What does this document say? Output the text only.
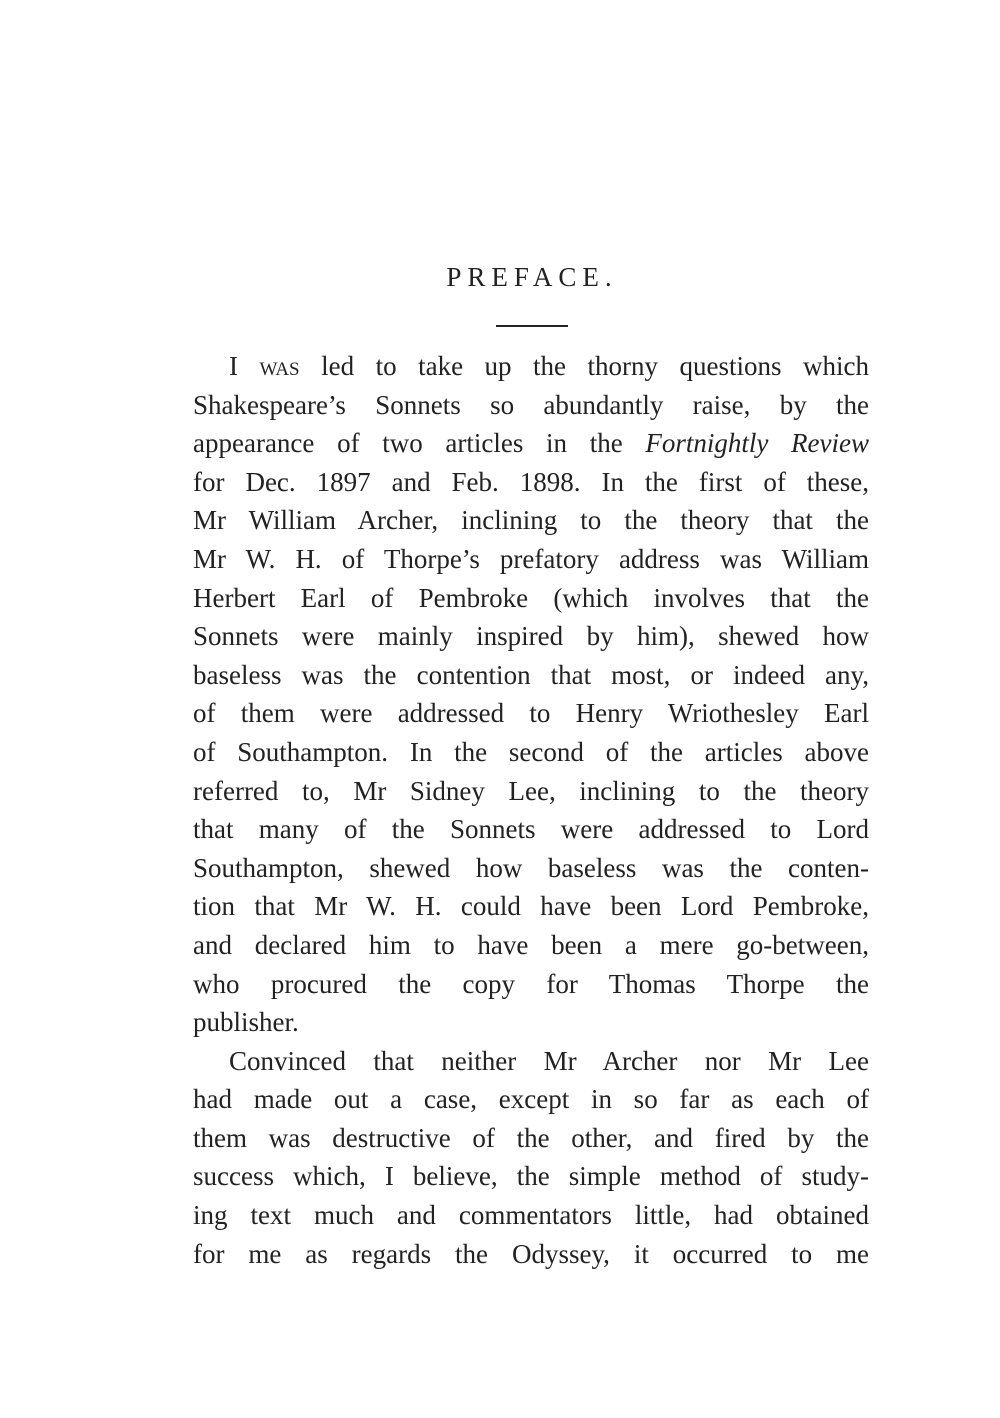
PREFACE.
I was led to take up the thorny questions which
Shakespeare’s Sonnets so abundantly raise, by the
appearance of two articles in the Fortnightly Review
for Dec. 1897 and Feb. 1898. In the first of these,
Mr William Archer, inclining to the theory that the
Mr W. H. of Thorpe’s prefatory address was William
Herbert Earl of Pembroke (which involves that the
Sonnets were mainly inspired by him), shewed how
baseless was the contention that most, or indeed any,
of them were addressed to Henry Wriothesley Earl
of Southampton. In the second of the articles above
referred to, Mr Sidney Lee, inclining to the theory
that many of the Sonnets were addressed to Lord
Southampton, shewed how baseless was the conten-
tion that Mr W. H. could have been Lord Pembroke,
and declared him to have been a mere go-between,
who procured the copy for Thomas Thorpe the
publisher.
Convinced that neither Mr Archer nor Mr Lee
had made out a case, except in so far as each of
them was destructive of the other, and fired by the
success which, I believe, the simple method of study-
ing text much and commentators little, had obtained
for me as regards the Odyssey, it occurred to me
